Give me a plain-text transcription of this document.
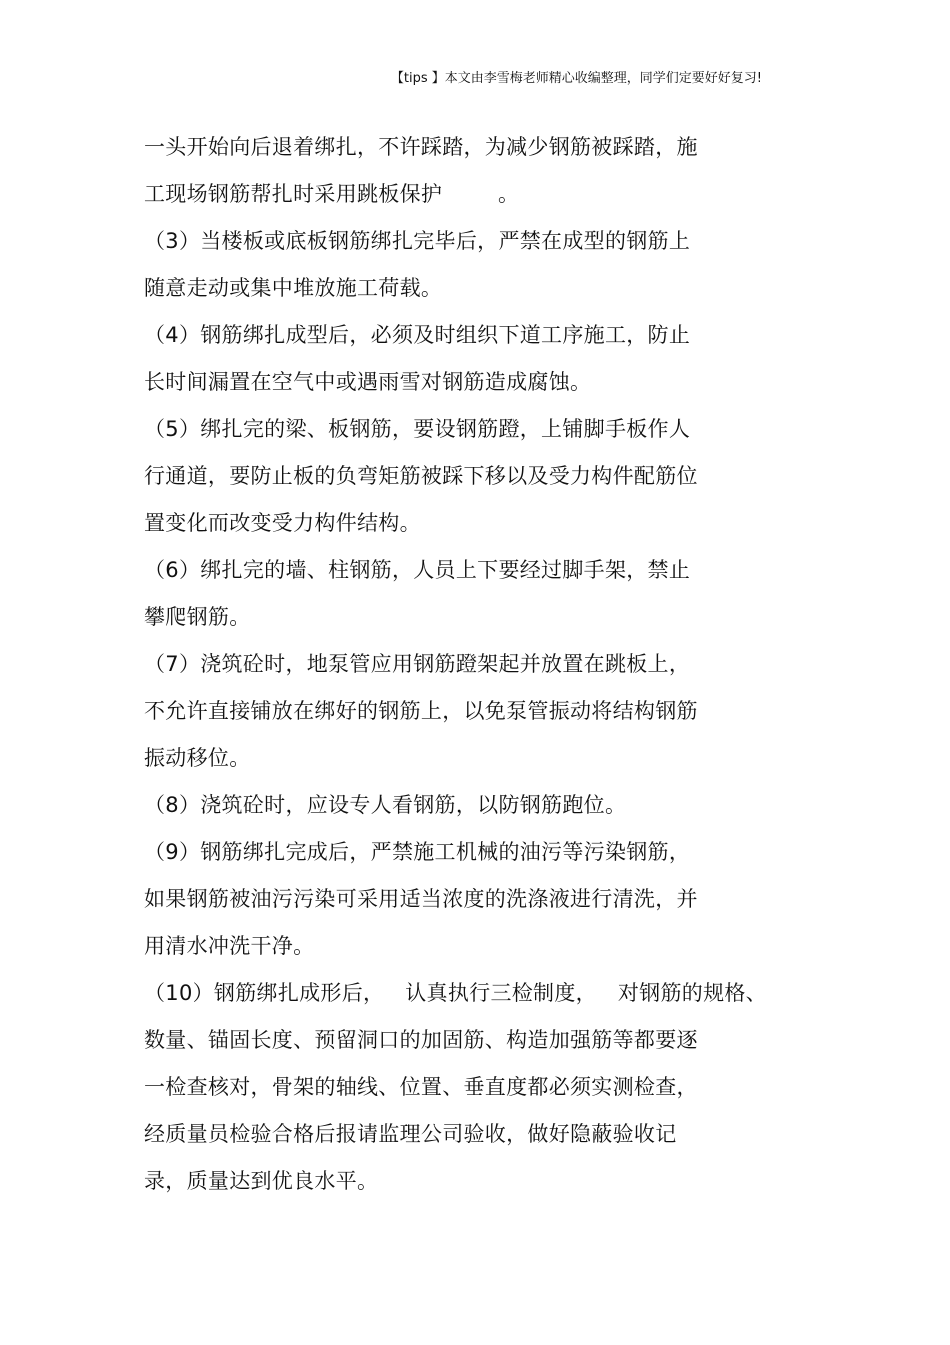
【tips 】本文由李雪梅老师精心收编整理，同学们定要好好复习!
一头开始向后退着绑扎，不许踩踏，为减少钢筋被踩踏，施
工现场钢筋帮扎时采用跳板保护        。
（3）当楼板或底板钢筋绑扎完毕后，严禁在成型的钢筋上
随意走动或集中堆放施工荷载。
（4）钢筋绑扎成型后，必须及时组织下道工序施工，防止
长时间漏置在空气中或遇雨雪对钢筋造成腐蚀。
（5）绑扎完的梁、板钢筋，要设钢筋蹬，上铺脚手板作人
行通道，要防止板的负弯矩筋被踩下移以及受力构件配筋位
置变化而改变受力构件结构。
（6）绑扎完的墙、柱钢筋，人员上下要经过脚手架，禁止
攀爬钢筋。
（7）浇筑砼时，地泵管应用钢筋蹬架起并放置在跳板上，
不允许直接铺放在绑好的钢筋上，以免泵管振动将结构钢筋
振动移位。
（8）浇筑砼时，应设专人看钢筋，以防钢筋跑位。
（9）钢筋绑扎完成后，严禁施工机械的油污等污染钢筋，
如果钢筋被油污污染可采用适当浓度的洗涤液进行清洗，并
用清水冲洗干净。
（10）钢筋绑扎成形后，   认真执行三检制度，   对钢筋的规格、
数量、锚固长度、预留洞口的加固筋、构造加强筋等都要逐
一检查核对，骨架的轴线、位置、垂直度都必须实测检查，
经质量员检验合格后报请监理公司验收，做好隐蔽验收记
录，质量达到优良水平。
